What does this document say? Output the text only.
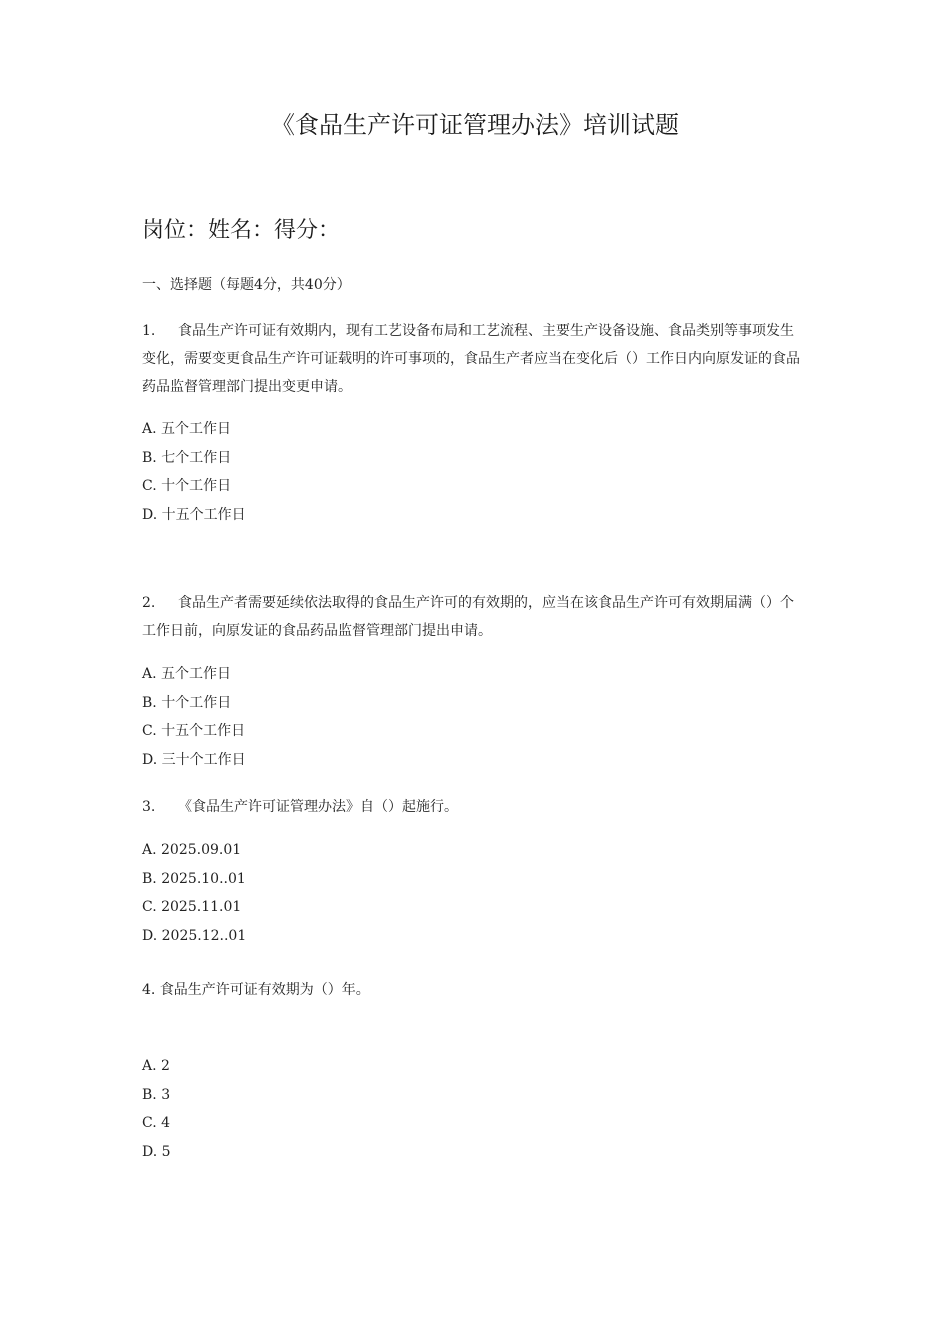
《食品生产许可证管理办法》培训试题
岗位：姓名：得分：
一、选择题（每题4分，共40分）
1. 食品生产许可证有效期内，现有工艺设备布局和工艺流程、主要生产设备设施、食品类别等事项发生变化，需要变更食品生产许可证载明的许可事项的，食品生产者应当在变化后（）工作日内向原发证的食品药品监督管理部门提出变更申请。
A. 五个工作日
B. 七个工作日
C. 十个工作日
D. 十五个工作日
2. 食品生产者需要延续依法取得的食品生产许可的有效期的，应当在该食品生产许可有效期届满（）个工作日前，向原发证的食品药品监督管理部门提出申请。
A. 五个工作日
B. 十个工作日
C. 十五个工作日
D. 三十个工作日
3. 《食品生产许可证管理办法》自（）起施行。
A. 2025.09.01
B. 2025.10..01
C. 2025.11.01
D. 2025.12..01
4. 食品生产许可证有效期为（）年。
A. 2
B. 3
C. 4
D. 5
